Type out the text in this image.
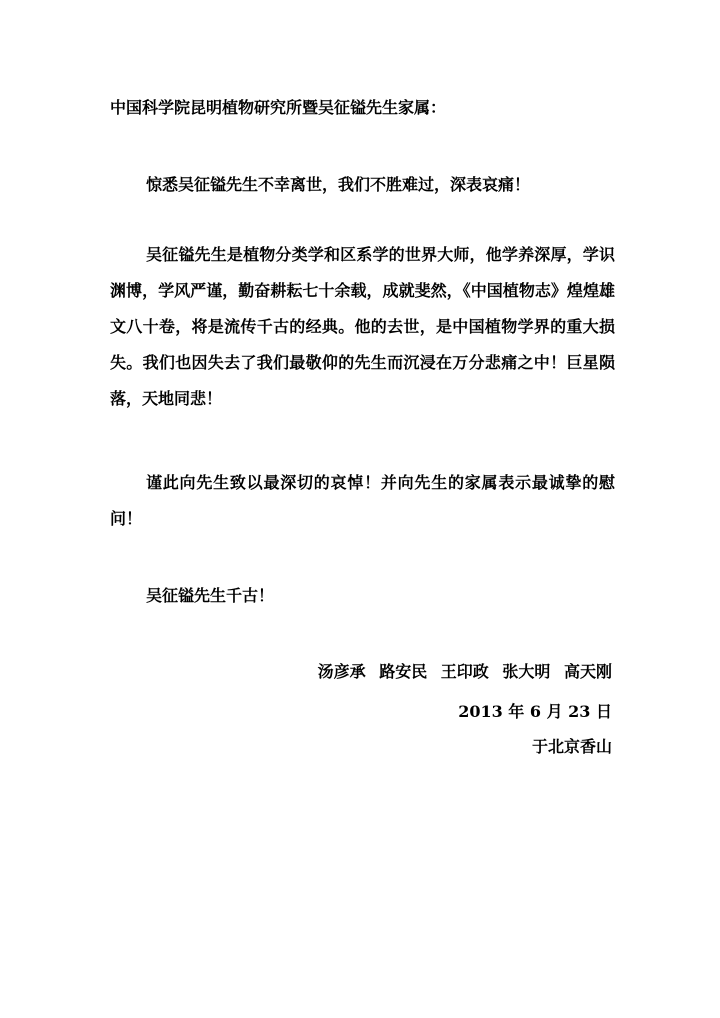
中国科学院昆明植物研究所暨吴征镒先生家属：

惊悉吴征镒先生不幸离世，我们不胜难过，深表哀痛！

吴征镒先生是植物分类学和区系学的世界大师，他学养深厚，学识渊博，学风严谨，勤奋耕耘七十余载，成就斐然，《中国植物志》煌煌雄文八十卷，将是流传千古的经典。他的去世，是中国植物学界的重大损失。我们也因失去了我们最敬仰的先生而沉浸在万分悲痛之中！巨星陨落，天地同悲！

谨此向先生致以最深切的哀悼！并向先生的家属表示最诚挚的慰问！

吴征镒先生千古！

汤彦承 路安民 王印政 张大明 高天刚
2013 年 6 月 23 日
于北京香山
